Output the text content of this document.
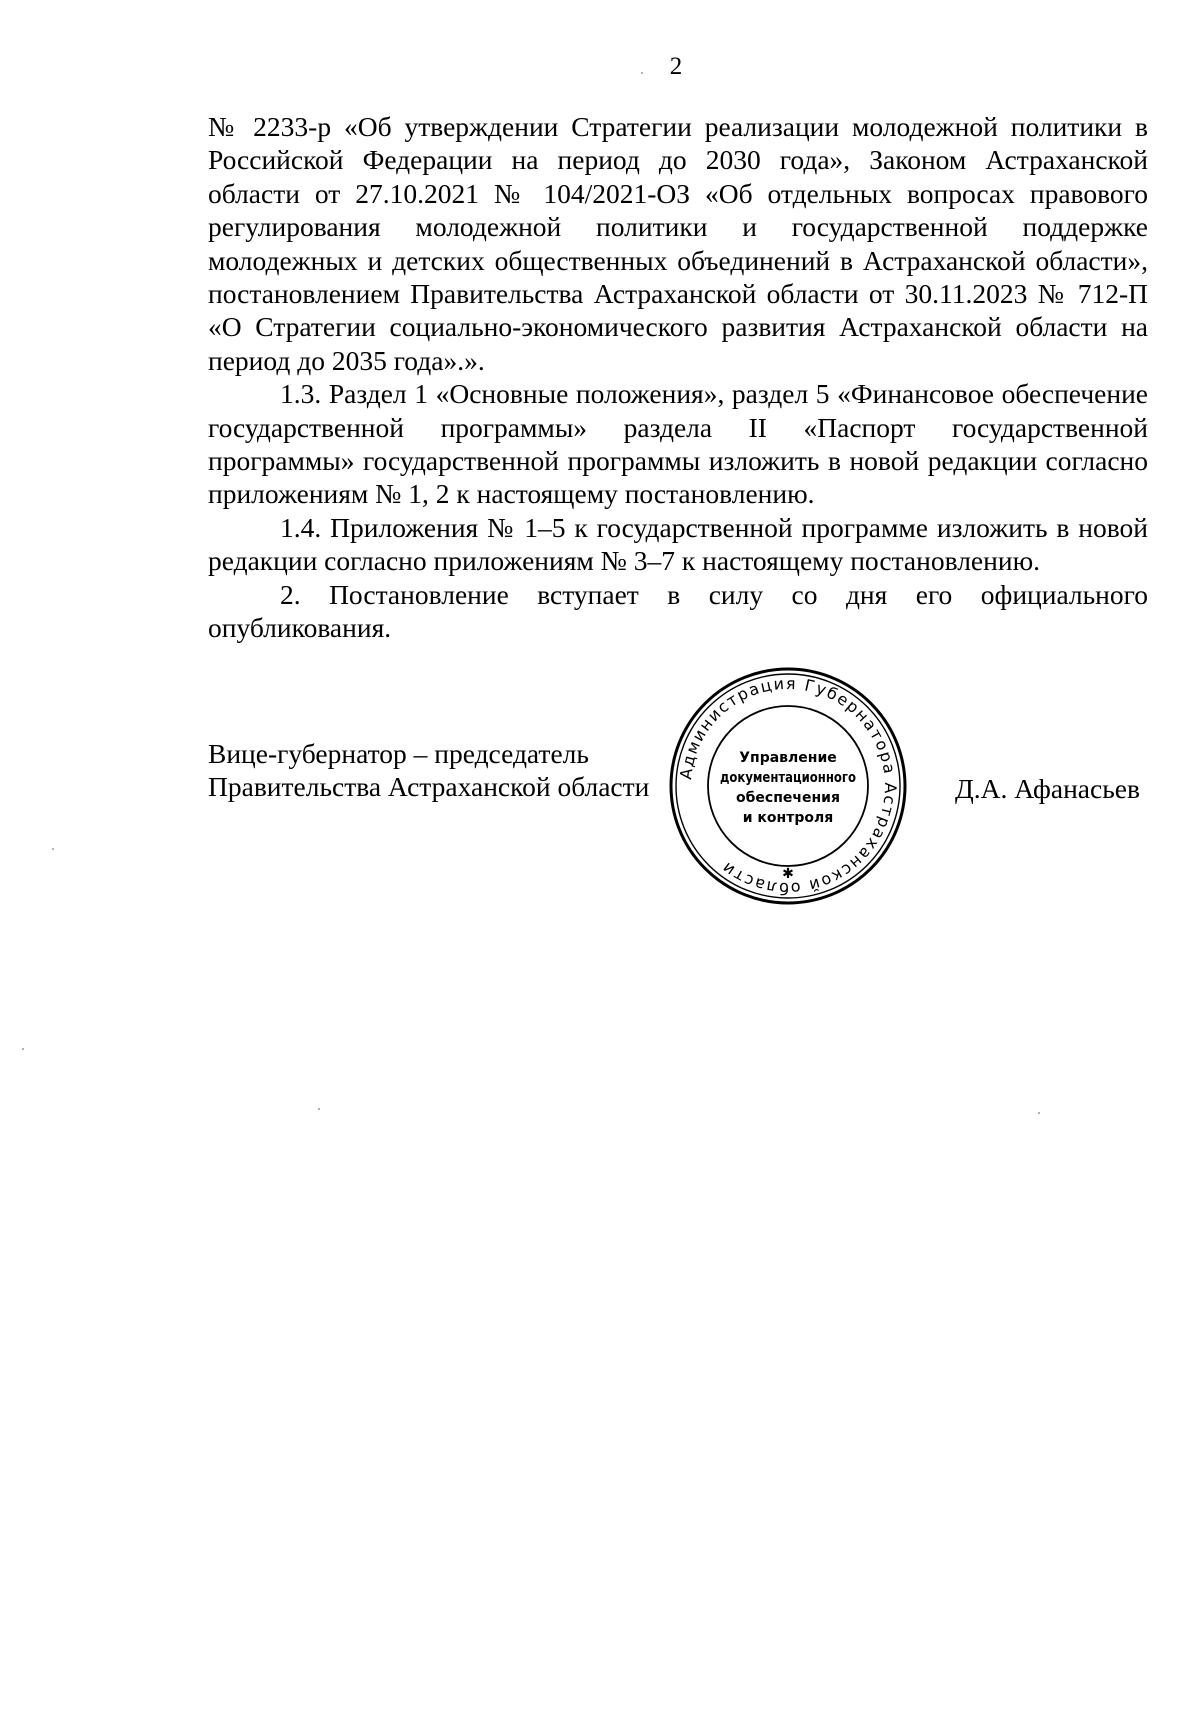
2

№ 2233-р «Об утверждении Стратегии реализации молодежной политики в Российской Федерации на период до 2030 года», Законом Астраханской области от 27.10.2021 № 104/2021-ОЗ «Об отдельных вопросах правового регулирования молодежной политики и государственной поддержке молодежных и детских общественных объединений в Астраханской области», постановлением Правительства Астраханской области от 30.11.2023 № 712-П «О Стратегии социально-экономического развития Астраханской области на период до 2035 года».».

1.3. Раздел 1 «Основные положения», раздел 5 «Финансовое обеспечение государственной программы» раздела II «Паспорт государственной программы» государственной программы изложить в новой редакции согласно приложениям № 1, 2 к настоящему постановлению.

1.4. Приложения № 1–5 к государственной программе изложить в новой редакции согласно приложениям № 3–7 к настоящему постановлению.

2. Постановление вступает в силу со дня его официального опубликования.

Вице-губернатор – председатель
Правительства Астраханской области	Д.А. Афанасьев
Администрация Губернатора Астраханской области	✱
Управление
документационного
обеспечения
и контроля
